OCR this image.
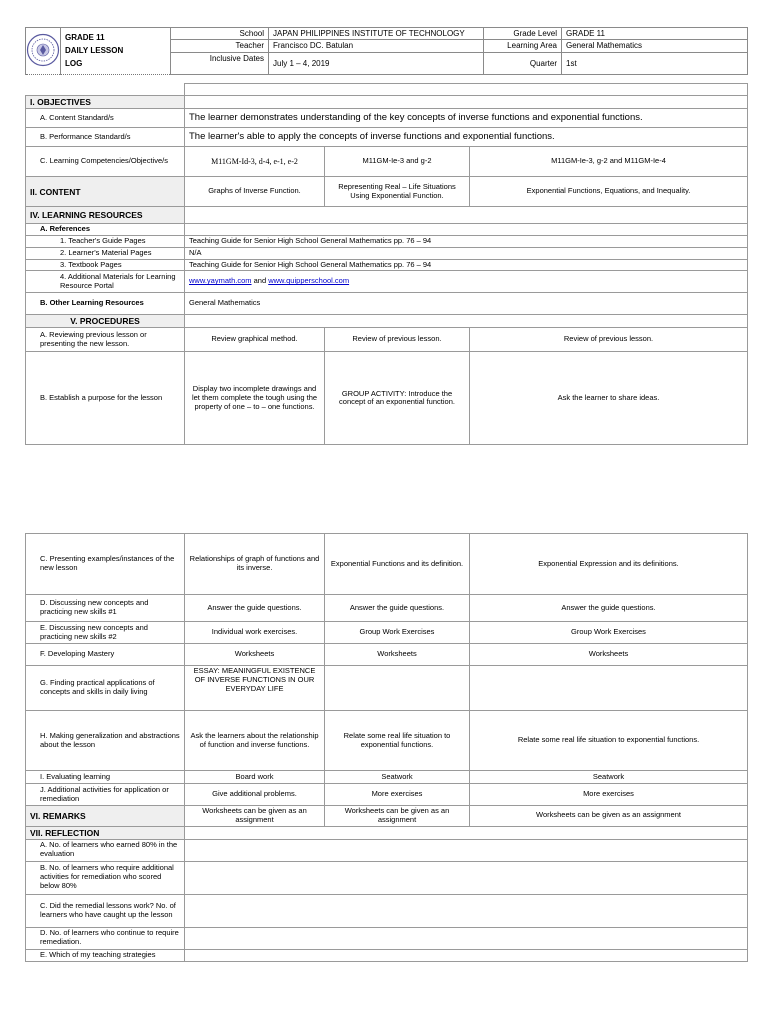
GRADE 11
DAILY LESSON
LOG	School	JAPAN PHILIPPINES INSTITUTE OF TECHNOLOGY	Grade Level	GRADE 11
		Teacher	Francisco DC. Batulan	Learning Area	General Mathematics
		Inclusive Dates	July 1 – 4, 2019	Quarter	1st

I. OBJECTIVES			
A. Content Standard/s	The learner demonstrates understanding of the key concepts of inverse functions and exponential functions.		
B. Performance Standard/s	The learner's able to apply the concepts of inverse functions and exponential functions.		
C. Learning Competencies/Objective/s	M11GM-Id-3, d-4, e-1, e-2	M11GM-Ie-3 and g-2	M11GM-Ie-3, g-2 and M11GM-Ie-4
II. CONTENT	Graphs of Inverse Function.	Representing Real – Life Situations Using Exponential Function.	Exponential Functions, Equations, and Inequality.
IV. LEARNING RESOURCES			
A. References			
1. Teacher's Guide Pages	Teaching Guide for Senior High School General Mathematics pp. 76 – 94		
2. Learner's Material Pages	N/A		
3. Textbook Pages	Teaching Guide for Senior High School General Mathematics pp. 76 – 94		
4. Additional Materials for Learning Resource Portal	www.yaymath.com and www.quipperschool.com		
B. Other Learning Resources	General Mathematics		
V. PROCEDURES			
A. Reviewing previous lesson or presenting the new lesson.	Review graphical method.	Review of previous lesson.	Review of previous lesson.
B. Establish a purpose for the lesson	Display two incomplete drawings and let them complete the tough using the property of one – to – one functions.	GROUP ACTIVITY: Introduce the concept of an exponential function.	Ask the learner to share ideas.
C. Presenting examples/instances of the new lesson	Relationships of graph of functions and its inverse.	Exponential Functions and its definition.	Exponential Expression and its definitions.
D. Discussing new concepts and practicing new skills #1	Answer the guide questions.	Answer the guide questions.	Answer the guide questions.
E. Discussing new concepts and practicing new skills #2	Individual work exercises.	Group Work Exercises	Group Work Exercises
F. Developing Mastery	Worksheets	Worksheets	Worksheets
G. Finding practical applications of concepts and skills in daily living	ESSAY: MEANINGFUL EXISTENCE OF INVERSE FUNCTIONS IN OUR EVERYDAY LIFE		
H. Making generalization and abstractions about the lesson	Ask the learners about the relationship of function and inverse functions.	Relate some real life situation to exponential functions.	Relate some real life situation to exponential functions.
I. Evaluating learning	Board work	Seatwork	Seatwork
J. Additional activities for application or remediation	Give additional problems.	More exercises	More exercises
VI. REMARKS	Worksheets can be given as an assignment	Worksheets can be given as an assignment	Worksheets can be given as an assignment
VII. REFLECTION			
A. No. of learners who earned 80% in the evaluation			
B. No. of learners who require additional activities for remediation who scored below 80%			
C. Did the remedial lessons work? No. of learners who have caught up the lesson			
D. No. of learners who continue to require remediation.			
E. Which of my teaching strategies			
